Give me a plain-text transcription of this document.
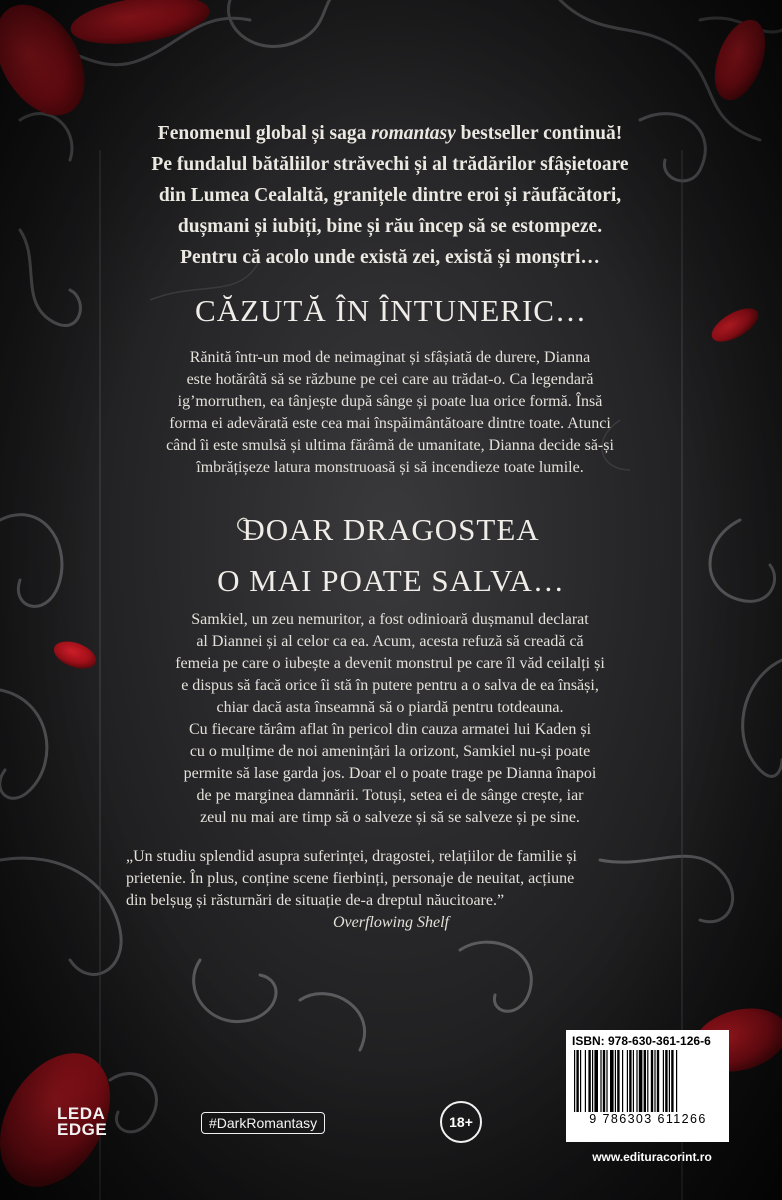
Fenomenul global și saga romantasy bestseller continuă!

Pe fundalul bătăliilor străvechi și al trădărilor sfâșietoare

din Lumea Cealaltă, granițele dintre eroi și răufăcători,

dușmani și iubiți, bine și rău încep să se estompeze.

Pentru că acolo unde există zei, există și monștri…

CĂZUTĂ ÎN ÎNTUNERIC…

Rănită într-un mod de neimaginat și sfâșiată de durere, Dianna

este hotărâtă să se răzbune pe cei care au trădat-o. Ca legendară

ig’morruthen, ea tânjește după sânge și poate lua orice formă. Însă

forma ei adevărată este cea mai înspăimântătoare dintre toate. Atunci

când îi este smulsă și ultima fărâmă de umanitate, Dianna decide să-și

îmbrățișeze latura monstruoasă și să incendieze toate lumile.

DOAR DRAGOSTEA
O MAI POATE SALVA…

Samkiel, un zeu nemuritor, a fost odinioară dușmanul declarat

al Diannei și al celor ca ea. Acum, acesta refuză să creadă că

femeia pe care o iubește a devenit monstrul pe care îl văd ceilalți și

e dispus să facă orice îi stă în putere pentru a o salva de ea însăși,

chiar dacă asta înseamnă să o piardă pentru totdeauna.

Cu fiecare tărâm aflat în pericol din cauza armatei lui Kaden și

cu o mulțime de noi amenințări la orizont, Samkiel nu-și poate

permite să lase garda jos. Doar el o poate trage pe Dianna înapoi

de pe marginea damnării. Totuși, setea ei de sânge crește, iar

zeul nu mai are timp să o salveze și să se salveze și pe sine.

„Un studiu splendid asupra suferinței, dragostei, relațiilor de familie și

prietenie. În plus, conține scene fierbinți, personaje de neuitat, acțiune

din belșug și răsturnări de situație de-a dreptul năucitoare.”

Overflowing Shelf

LEDA
EDGE	#DarkRomantasy	18+
ISBN: 978-630-361-126-6
9 786303 611266
www.edituracorint.ro
